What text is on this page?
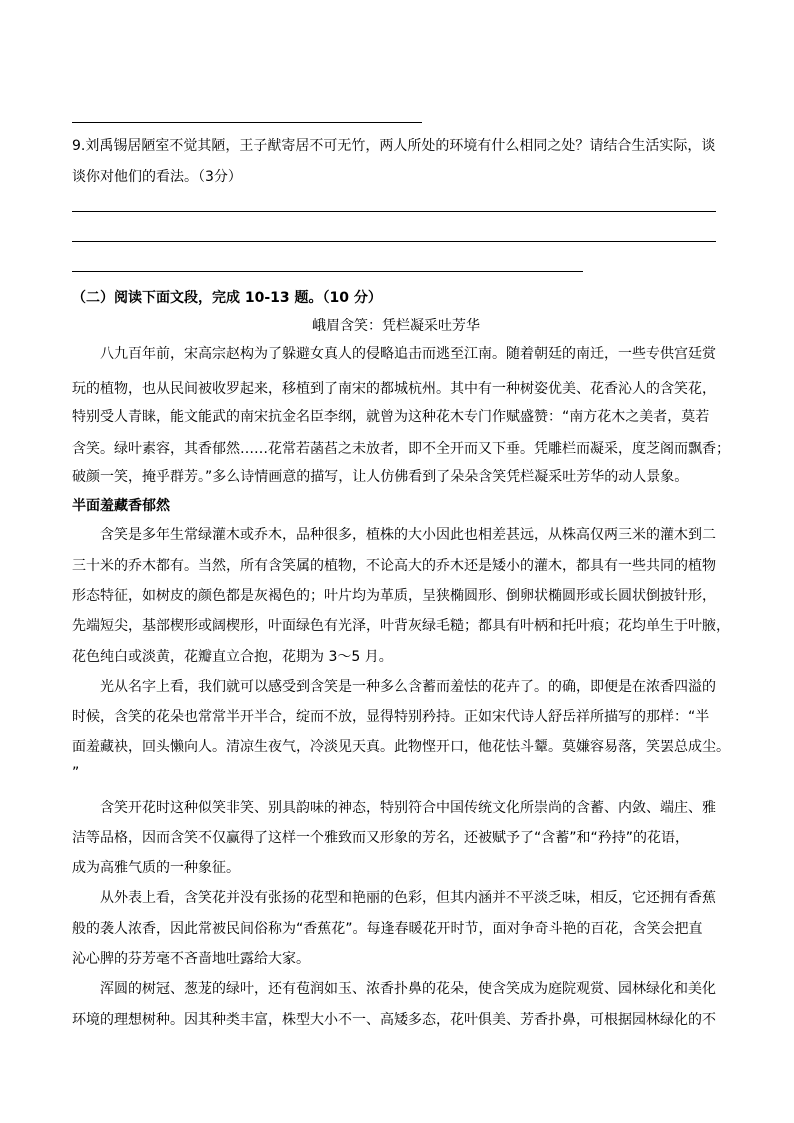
9.刘禹锡居陋室不觉其陋，王子猷寄居不可无竹，两人所处的环境有什么相同之处？请结合生活实际，谈
谈你对他们的看法。（3分）
（二）阅读下面文段，完成 10-13 题。（10 分）
峨眉含笑：凭栏凝采吐芳华
八九百年前，宋高宗赵构为了躲避女真人的侵略追击而逃至江南。随着朝廷的南迁，一些专供宫廷赏
玩的植物，也从民间被收罗起来，移植到了南宋的都城杭州。其中有一种树姿优美、花香沁人的含笑花，
特别受人青睐，能文能武的南宋抗金名臣李纲，就曾为这种花木专门作赋盛赞：“南方花木之美者，莫若
含笑。绿叶素容，其香郁然……花常若菡萏之未放者，即不全开而又下垂。凭雕栏而凝采，度芝阁而飘香；
破颜一笑，掩乎群芳。”多么诗情画意的描写，让人仿佛看到了朵朵含笑凭栏凝采吐芳华的动人景象。
半面羞藏香郁然
含笑是多年生常绿灌木或乔木，品种很多，植株的大小因此也相差甚远，从株高仅两三米的灌木到二
三十米的乔木都有。当然，所有含笑属的植物，不论高大的乔木还是矮小的灌木，都具有一些共同的植物
形态特征，如树皮的颜色都是灰褐色的；叶片均为革质，呈狭椭圆形、倒卵状椭圆形或长圆状倒披针形，
先端短尖，基部楔形或阔楔形，叶面绿色有光泽，叶背灰绿毛糙；都具有叶柄和托叶痕；花均单生于叶腋，
花色纯白或淡黄，花瓣直立合抱，花期为 3～5 月。
光从名字上看，我们就可以感受到含笑是一种多么含蓄而羞怯的花卉了。的确，即便是在浓香四溢的
时候，含笑的花朵也常常半开半合，绽而不放，显得特别矜持。正如宋代诗人舒岳祥所描写的那样：“半
面羞藏袂，回头懒向人。清凉生夜气，冷淡见天真。此物悭开口，他花怯斗颦。莫嫌容易落，笑罢总成尘。
”
含笑开花时这种似笑非笑、别具韵味的神态，特别符合中国传统文化所崇尚的含蓄、内敛、端庄、雅
洁等品格，因而含笑不仅赢得了这样一个雅致而又形象的芳名，还被赋予了“含蓄”和“矜持”的花语，
成为高雅气质的一种象征。
从外表上看，含笑花并没有张扬的花型和艳丽的色彩，但其内涵并不平淡乏味，相反，它还拥有香蕉
般的袭人浓香，因此常被民间俗称为“香蕉花”。每逢春暖花开时节，面对争奇斗艳的百花，含笑会把直
沁心脾的芬芳毫不吝啬地吐露给大家。
浑圆的树冠、葱茏的绿叶，还有苞润如玉、浓香扑鼻的花朵，使含笑成为庭院观赏、园林绿化和美化
环境的理想树种。因其种类丰富，株型大小不一、高矮多态，花叶俱美、芳香扑鼻，可根据园林绿化的不
